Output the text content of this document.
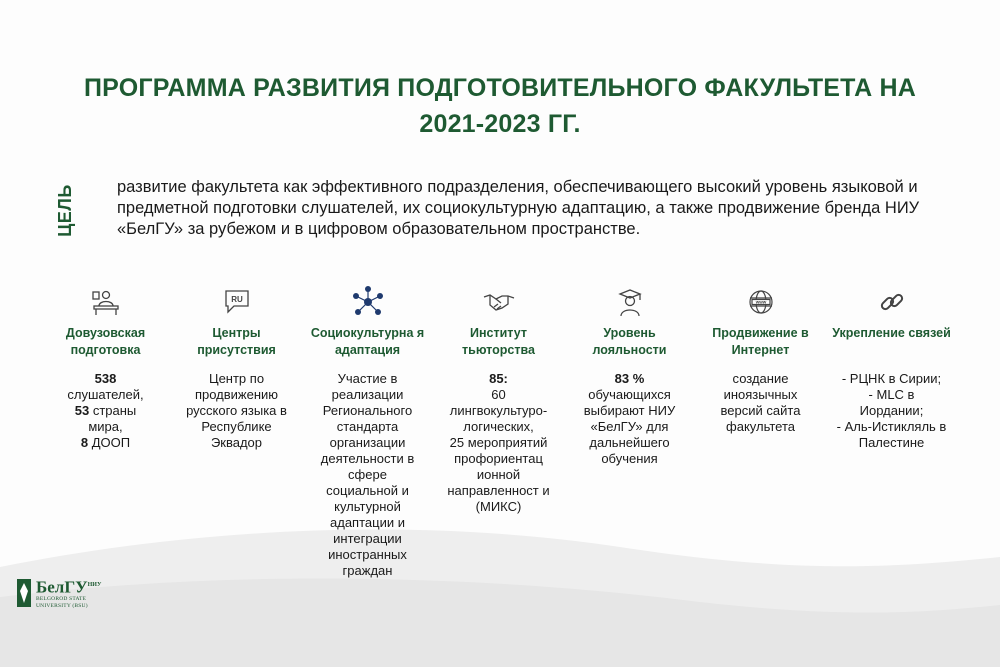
ПРОГРАММА РАЗВИТИЯ ПОДГОТОВИТЕЛЬНОГО ФАКУЛЬТЕТА НА 2021-2023 ГГ.
ЦЕЛЬ	развитие факультета как эффективного подразделения, обеспечивающего высокий уровень языковой и предметной подготовки слушателей, их социокультурную адаптацию, а также продвижение бренда НИУ «БелГУ» за рубежом и в цифровом образовательном пространстве.
Довузовская подготовка
538
слушателей,
53 страны
мира,
8 ДООП
RU
Центры присутствия
Центр по продвижению русского языка в Республике Эквадор
Социокультурна я адаптация
Участие в реализации Регионального стандарта организации деятельности в сфере социальной и культурной адаптации и интеграции иностранных граждан
Институт тьюторства
85:
60 лингвокультуро-логических,
25 мероприятий профориентац ионной направленност и (МИКС)
Уровень лояльности
83 %
обучающихся выбирают НИУ «БелГУ» для дальнейшего обучения
www
Продвижение в Интернет
создание иноязычных версий сайта факультета
Укрепление связей
- РЦНК в Сирии;
- MLC в Иордании;
- Аль-Истикляль в Палестине
БелГУ$^{НИУ}$
BELGOROD STATE
UNIVERSITY (BSU)
